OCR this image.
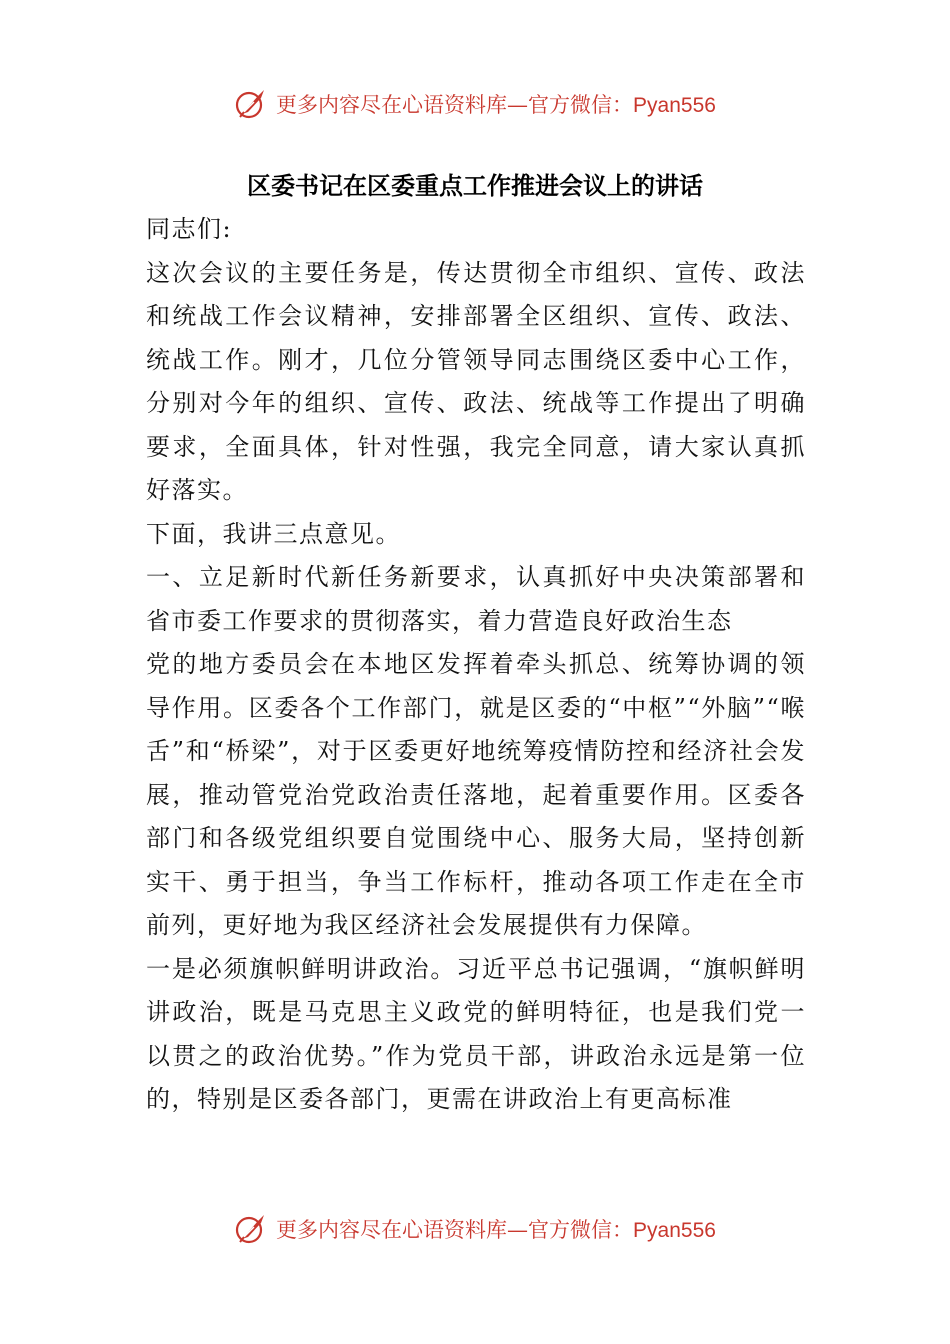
更多内容尽在心语资料库—官方微信：Pyan556
区委书记在区委重点工作推进会议上的讲话

同志们:

这次会议的主要任务是，传达贯彻全市组织、宣传、政法和统战工作会议精神，安排部署全区组织、宣传、政法、统战工作。刚才，几位分管领导同志围绕区委中心工作，分别对今年的组织、宣传、政法、统战等工作提出了明确要求，全面具体，针对性强，我完全同意，请大家认真抓好落实。

下面，我讲三点意见。

一、立足新时代新任务新要求，认真抓好中央决策部署和省市委工作要求的贯彻落实，着力营造良好政治生态

党的地方委员会在本地区发挥着牵头抓总、统筹协调的领导作用。区委各个工作部门，就是区委的“中枢”“外脑”“喉舌”和“桥梁”，对于区委更好地统筹疫情防控和经济社会发展，推动管党治党政治责任落地，起着重要作用。区委各部门和各级党组织要自觉围绕中心、服务大局，坚持创新实干、勇于担当，争当工作标杆，推动各项工作走在全市前列，更好地为我区经济社会发展提供有力保障。

一是必须旗帜鲜明讲政治。习近平总书记强调，“旗帜鲜明讲政治，既是马克思主义政党的鲜明特征，也是我们党一以贯之的政治优势。”作为党员干部，讲政治永远是第一位的，特别是区委各部门，更需在讲政治上有更高标准

更多内容尽在心语资料库—官方微信：Pyan556
